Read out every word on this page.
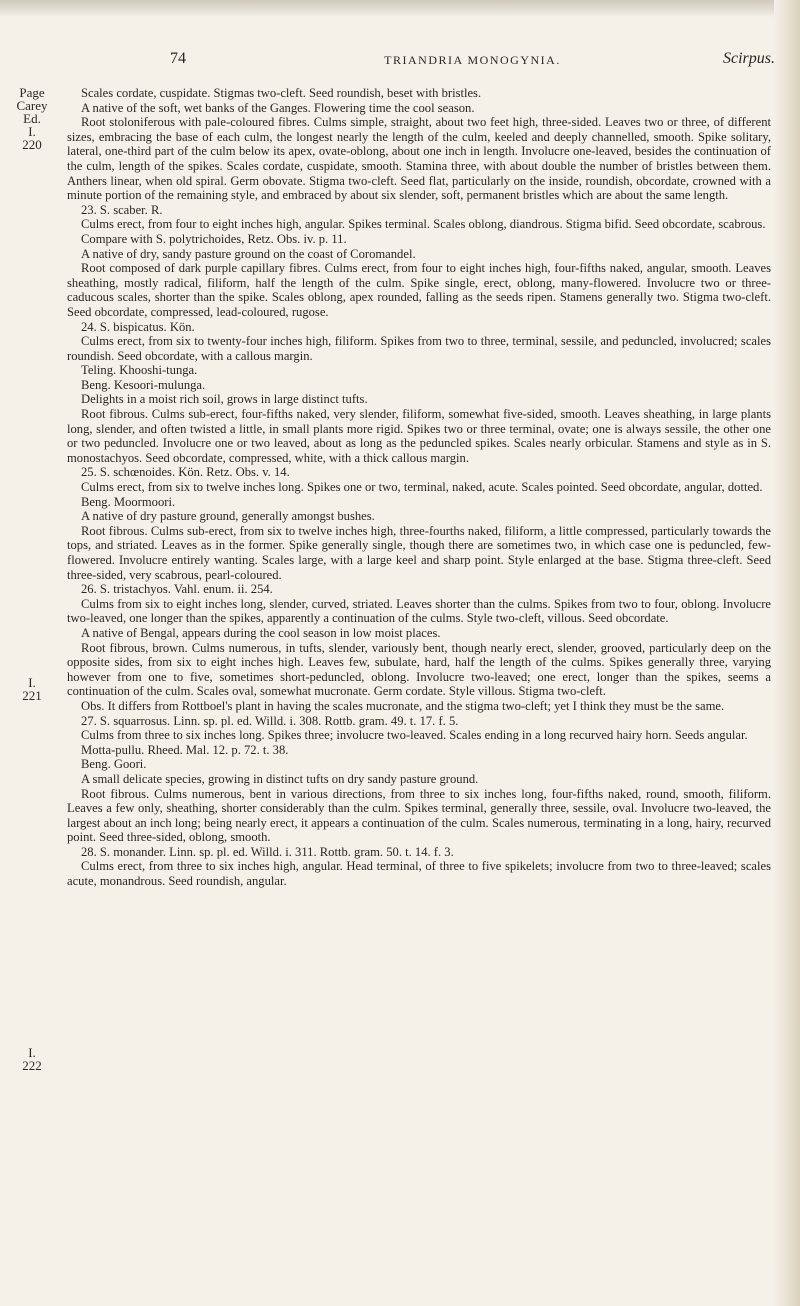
74	TRIANDRIA MONOGYNIA.	Scirpus.
Page
Carey
Ed.
I.
220
I.
221
I.
222

Scales cordate, cuspidate. Stigmas two-cleft. Seed roundish, beset with bristles.

A native of the soft, wet banks of the Ganges. Flowering time the cool season.

Root stoloniferous with pale-coloured fibres. Culms simple, straight, about two feet high, three-sided. Leaves two or three, of different sizes, embracing the base of each culm, the longest nearly the length of the culm, keeled and deeply channelled, smooth. Spike solitary, lateral, one-third part of the culm below its apex, ovate-oblong, about one inch in length. Involucre one-leaved, besides the continuation of the culm, length of the spikes. Scales cordate, cuspidate, smooth. Stamina three, with about double the number of bristles between them. Anthers linear, when old spiral. Germ obovate. Stigma two-cleft. Seed flat, particularly on the inside, roundish, obcordate, crowned with a minute portion of the remaining style, and embraced by about six slender, soft, permanent bristles which are about the same length.

23. S. scaber. R.

Culms erect, from four to eight inches high, angular. Spikes terminal. Scales oblong, diandrous. Stigma bifid. Seed obcordate, scabrous.

Compare with S. polytrichoides, Retz. Obs. iv. p. 11.

A native of dry, sandy pasture ground on the coast of Coromandel.

Root composed of dark purple capillary fibres. Culms erect, from four to eight inches high, four-fifths naked, angular, smooth. Leaves sheathing, mostly radical, filiform, half the length of the culm. Spike single, erect, oblong, many-flowered. Involucre two or three-caducous scales, shorter than the spike. Scales oblong, apex rounded, falling as the seeds ripen. Stamens generally two. Stigma two-cleft. Seed obcordate, compressed, lead-coloured, rugose.

24. S. bispicatus. Kön.

Culms erect, from six to twenty-four inches high, filiform. Spikes from two to three, terminal, sessile, and peduncled, involucred; scales roundish. Seed obcordate, with a callous margin.

Teling. Khooshi-tunga.

Beng. Kesoori-mulunga.

Delights in a moist rich soil, grows in large distinct tufts.

Root fibrous. Culms sub-erect, four-fifths naked, very slender, filiform, somewhat five-sided, smooth. Leaves sheathing, in large plants long, slender, and often twisted a little, in small plants more rigid. Spikes two or three terminal, ovate; one is always sessile, the other one or two peduncled. Involucre one or two leaved, about as long as the peduncled spikes. Scales nearly orbicular. Stamens and style as in S. monostachyos. Seed obcordate, compressed, white, with a thick callous margin.

25. S. schœnoides. Kön. Retz. Obs. v. 14.

Culms erect, from six to twelve inches long. Spikes one or two, terminal, naked, acute. Scales pointed. Seed obcordate, angular, dotted.

Beng. Moormoori.

A native of dry pasture ground, generally amongst bushes.

Root fibrous. Culms sub-erect, from six to twelve inches high, three-fourths naked, filiform, a little compressed, particularly towards the tops, and striated. Leaves as in the former. Spike generally single, though there are sometimes two, in which case one is peduncled, few-flowered. Involucre entirely wanting. Scales large, with a large keel and sharp point. Style enlarged at the base. Stigma three-cleft. Seed three-sided, very scabrous, pearl-coloured.

26. S. tristachyos. Vahl. enum. ii. 254.

Culms from six to eight inches long, slender, curved, striated. Leaves shorter than the culms. Spikes from two to four, oblong. Involucre two-leaved, one longer than the spikes, apparently a continuation of the culms. Style two-cleft, villous. Seed obcordate.

A native of Bengal, appears during the cool season in low moist places.

Root fibrous, brown. Culms numerous, in tufts, slender, variously bent, though nearly erect, slender, grooved, particularly deep on the opposite sides, from six to eight inches high. Leaves few, subulate, hard, half the length of the culms. Spikes generally three, varying however from one to five, sometimes short-peduncled, oblong. Involucre two-leaved; one erect, longer than the spikes, seems a continuation of the culm. Scales oval, somewhat mucronate. Germ cordate. Style villous. Stigma two-cleft.

Obs. It differs from Rottboel's plant in having the scales mucronate, and the stigma two-cleft; yet I think they must be the same.

27. S. squarrosus. Linn. sp. pl. ed. Willd. i. 308. Rottb. gram. 49. t. 17. f. 5.

Culms from three to six inches long. Spikes three; involucre two-leaved. Scales ending in a long recurved hairy horn. Seeds angular.

Motta-pullu. Rheed. Mal. 12. p. 72. t. 38.

Beng. Goori.

A small delicate species, growing in distinct tufts on dry sandy pasture ground.

Root fibrous. Culms numerous, bent in various directions, from three to six inches long, four-fifths naked, round, smooth, filiform. Leaves a few only, sheathing, shorter considerably than the culm. Spikes terminal, generally three, sessile, oval. Involucre two-leaved, the largest about an inch long; being nearly erect, it appears a continuation of the culm. Scales numerous, terminating in a long, hairy, recurved point. Seed three-sided, oblong, smooth.

28. S. monander. Linn. sp. pl. ed. Willd. i. 311. Rottb. gram. 50. t. 14. f. 3.

Culms erect, from three to six inches high, angular. Head terminal, of three to five spikelets; involucre from two to three-leaved; scales acute, monandrous. Seed roundish, angular.
